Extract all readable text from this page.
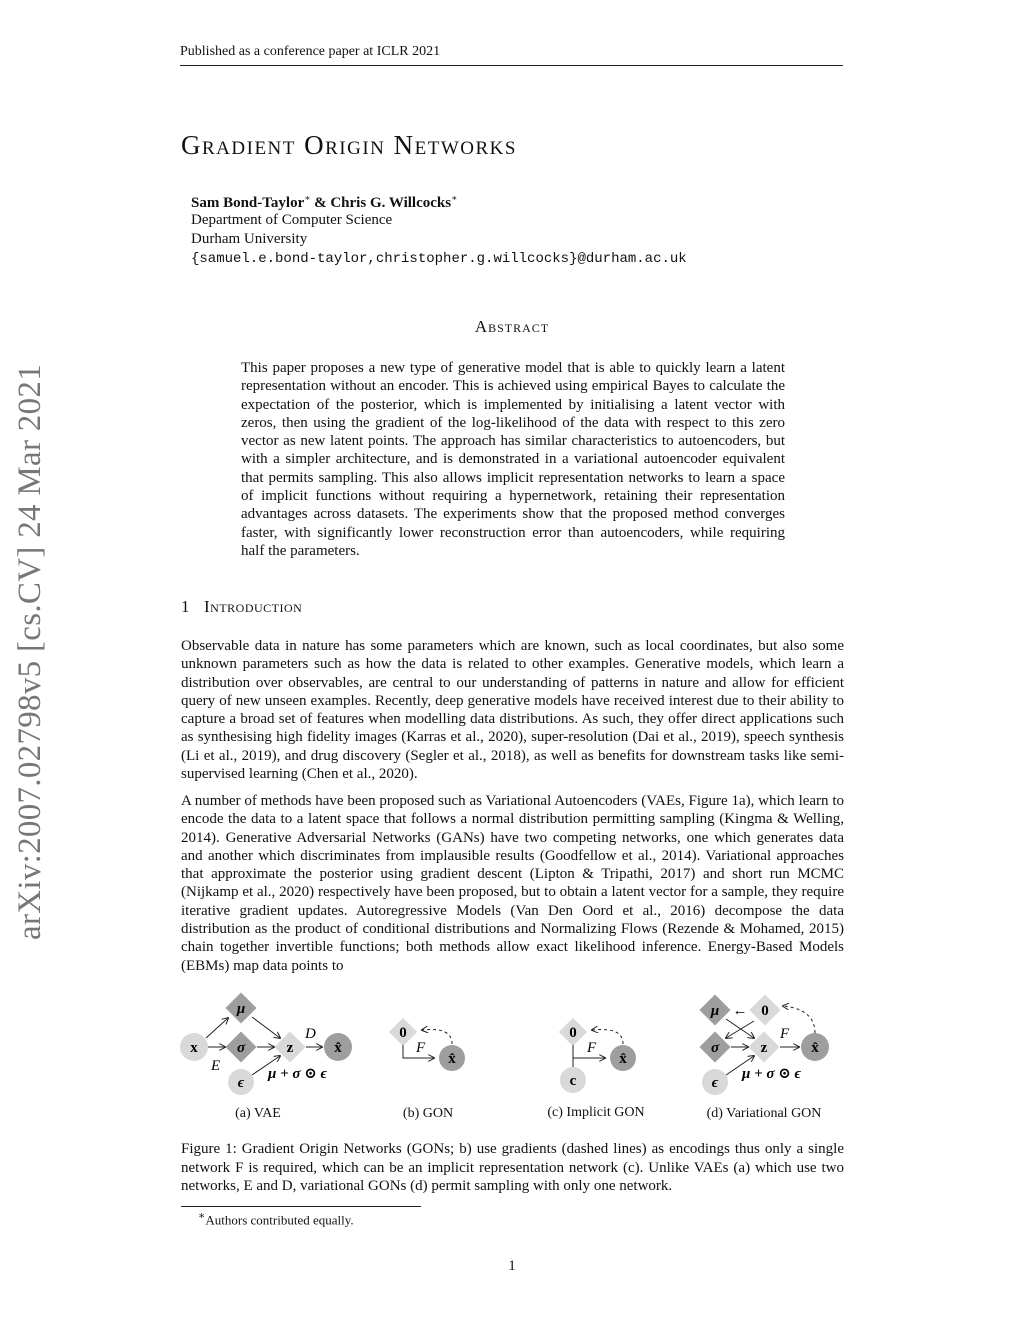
Published as a conference paper at ICLR 2021
Gradient Origin Networks
Sam Bond-Taylor∗ & Chris G. Willcocks∗
Department of Computer Science
Durham University
{samuel.e.bond-taylor,christopher.g.willcocks}@durham.ac.uk
Abstract
This paper proposes a new type of generative model that is able to quickly learn a latent representation without an encoder. This is achieved using empirical Bayes to calculate the expectation of the posterior, which is implemented by initialising a latent vector with zeros, then using the gradient of the log-likelihood of the data with respect to this zero vector as new latent points. The approach has similar characteristics to autoencoders, but with a simpler architecture, and is demonstrated in a variational autoencoder equivalent that permits sampling. This also allows implicit representation networks to learn a space of implicit functions without requiring a hypernetwork, retaining their representation advantages across datasets. The experiments show that the proposed method converges faster, with significantly lower reconstruction error than autoencoders, while requiring half the parameters.
1 Introduction
Observable data in nature has some parameters which are known, such as local coordinates, but also some unknown parameters such as how the data is related to other examples. Generative models, which learn a distribution over observables, are central to our understanding of patterns in nature and allow for efficient query of new unseen examples. Recently, deep generative models have received interest due to their ability to capture a broad set of features when modelling data distributions. As such, they offer direct applications such as synthesising high fidelity images (Karras et al., 2020), super-resolution (Dai et al., 2019), speech synthesis (Li et al., 2019), and drug discovery (Segler et al., 2018), as well as benefits for downstream tasks like semi-supervised learning (Chen et al., 2020).
A number of methods have been proposed such as Variational Autoencoders (VAEs, Figure 1a), which learn to encode the data to a latent space that follows a normal distribution permitting sampling (Kingma & Welling, 2014). Generative Adversarial Networks (GANs) have two competing networks, one which generates data and another which discriminates from implausible results (Goodfellow et al., 2014). Variational approaches that approximate the posterior using gradient descent (Lipton & Tripathi, 2017) and short run MCMC (Nijkamp et al., 2020) respectively have been proposed, but to obtain a latent vector for a sample, they require iterative gradient updates. Autoregressive Models (Van Den Oord et al., 2016) decompose the data distribution as the product of conditional distributions and Normalizing Flows (Rezende & Mohamed, 2015) chain together invertible functions; both methods allow exact likelihood inference. Energy-Based Models (EBMs) map data points to
arXiv:2007.02798v5 [cs.CV] 24 Mar 2021
x
μ
σ	z	x̂
ϵ
E
D
μ + σ ⊙ ϵ
0
x̂
F
0
x̂
c
F
μ	0
←
σ	z	x̂
ϵ
F
μ + σ ⊙ ϵ
(a) VAE	(b) GON	(c) Implicit GON	(d) Variational GON
Figure 1: Gradient Origin Networks (GONs; b) use gradients (dashed lines) as encodings thus only a single network F is required, which can be an implicit representation network (c). Unlike VAEs (a) which use two networks, E and D, variational GONs (d) permit sampling with only one network.
∗Authors contributed equally.
1
